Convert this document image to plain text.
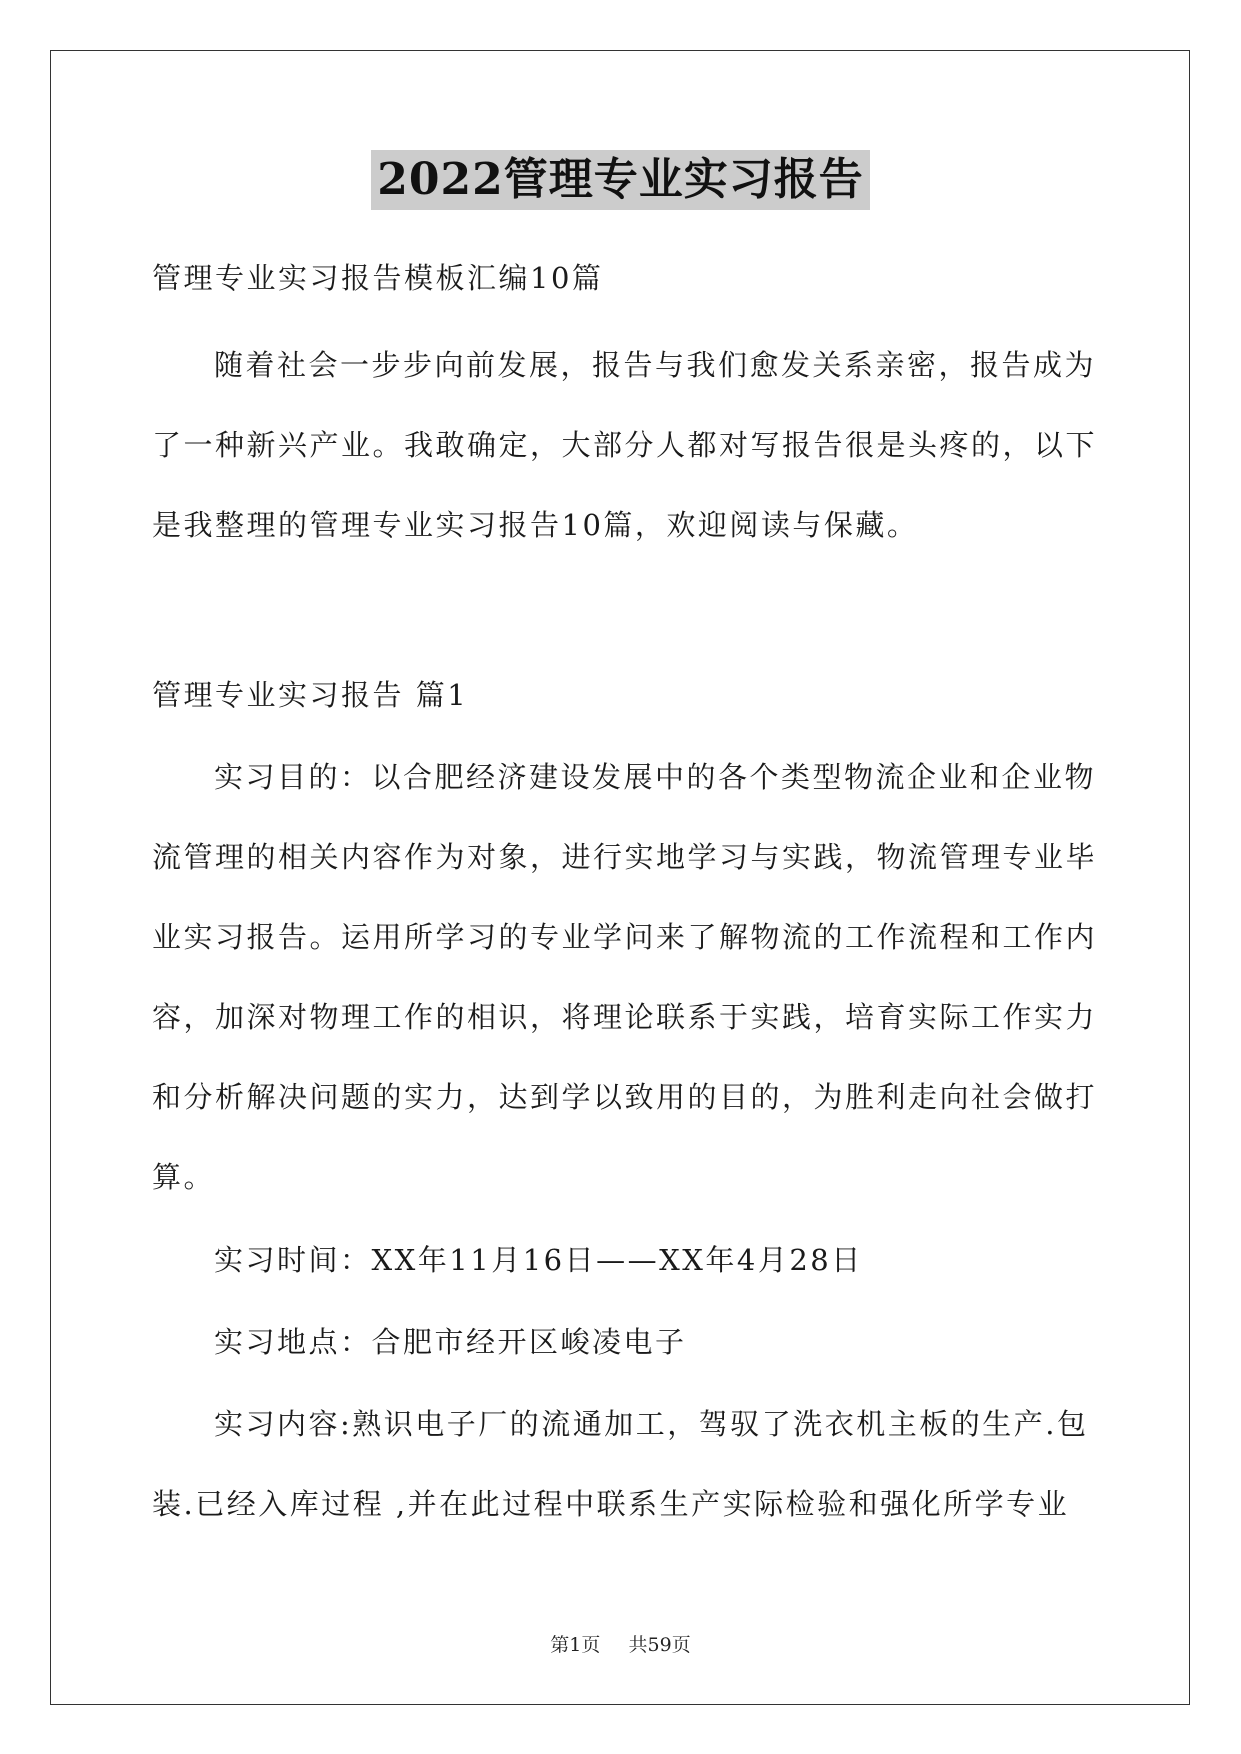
2022管理专业实习报告
管理专业实习报告模板汇编10篇
随着社会一步步向前发展，报告与我们愈发关系亲密，报告成为
了一种新兴产业。我敢确定，大部分人都对写报告很是头疼的，以下
是我整理的管理专业实习报告10篇，欢迎阅读与保藏。
管理专业实习报告 篇1
实习目的：以合肥经济建设发展中的各个类型物流企业和企业物
流管理的相关内容作为对象，进行实地学习与实践，物流管理专业毕
业实习报告。运用所学习的专业学问来了解物流的工作流程和工作内
容，加深对物理工作的相识，将理论联系于实践，培育实际工作实力
和分析解决问题的实力，达到学以致用的目的，为胜利走向社会做打
算。
实习时间：XX年11月16日——XX年4月28日
实习地点：合肥市经开区峻凌电子
实习内容:熟识电子厂的流通加工，驾驭了洗衣机主板的生产.包
装.已经入库过程 ,并在此过程中联系生产实际检验和强化所学专业
第1页 共59页
